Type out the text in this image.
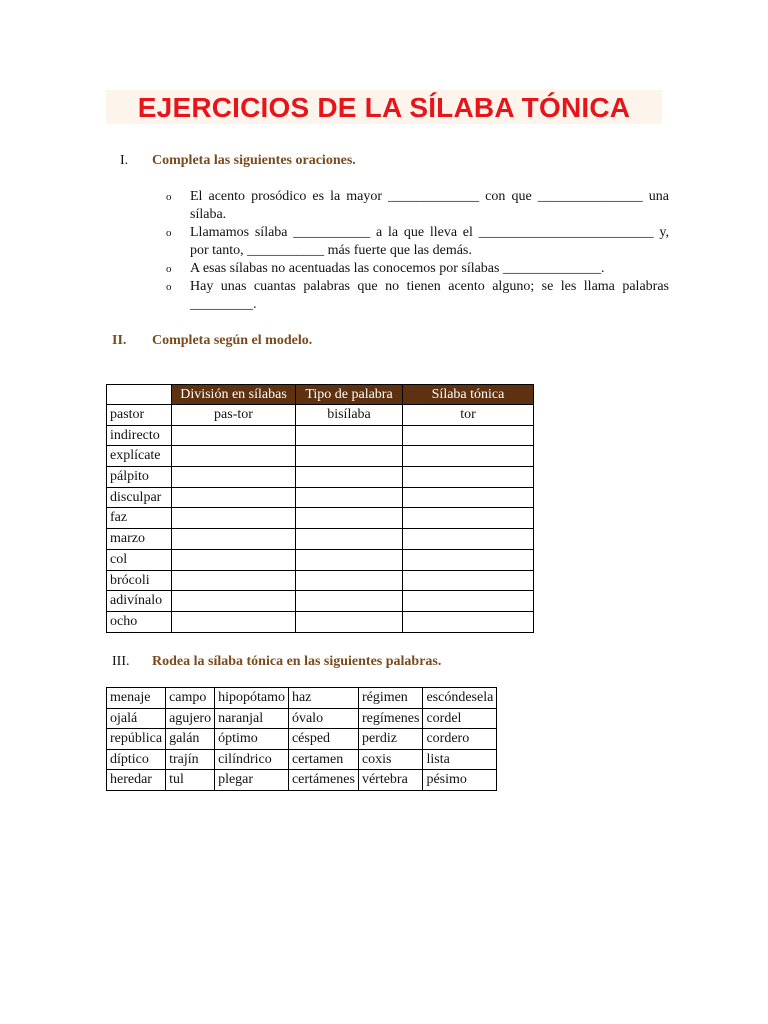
EJERCICIOS DE LA SÍLABA TÓNICA
I. Completa las siguientes oraciones.
o El acento prosódico es la mayor _____________ con que _______________ una sílaba.
o Llamamos sílaba ___________ a la que lleva el _________________________ y, por tanto, ___________ más fuerte que las demás.
o A esas sílabas no acentuadas las conocemos por sílabas ______________.
o Hay unas cuantas palabras que no tienen acento alguno; se les llama palabras _________.
II. Completa según el modelo.
	División en sílabas	Tipo de palabra	Sílaba tónica
pastor	pas-tor	bisílaba	tor
indirecto			
explícate			
pálpito			
disculpar			
faz			
marzo			
col			
brócoli			
adivínalo			
ocho			
III. Rodea la sílaba tónica en las siguientes palabras.
menaje	campo	hipopótamo	haz	régimen	escóndesela
ojalá	agujero	naranjal	óvalo	regímenes	cordel
república	galán	óptimo	césped	perdiz	cordero
díptico	trajín	cilíndrico	certamen	coxis	lista
heredar	tul	plegar	certámenes	vértebra	pésimo
